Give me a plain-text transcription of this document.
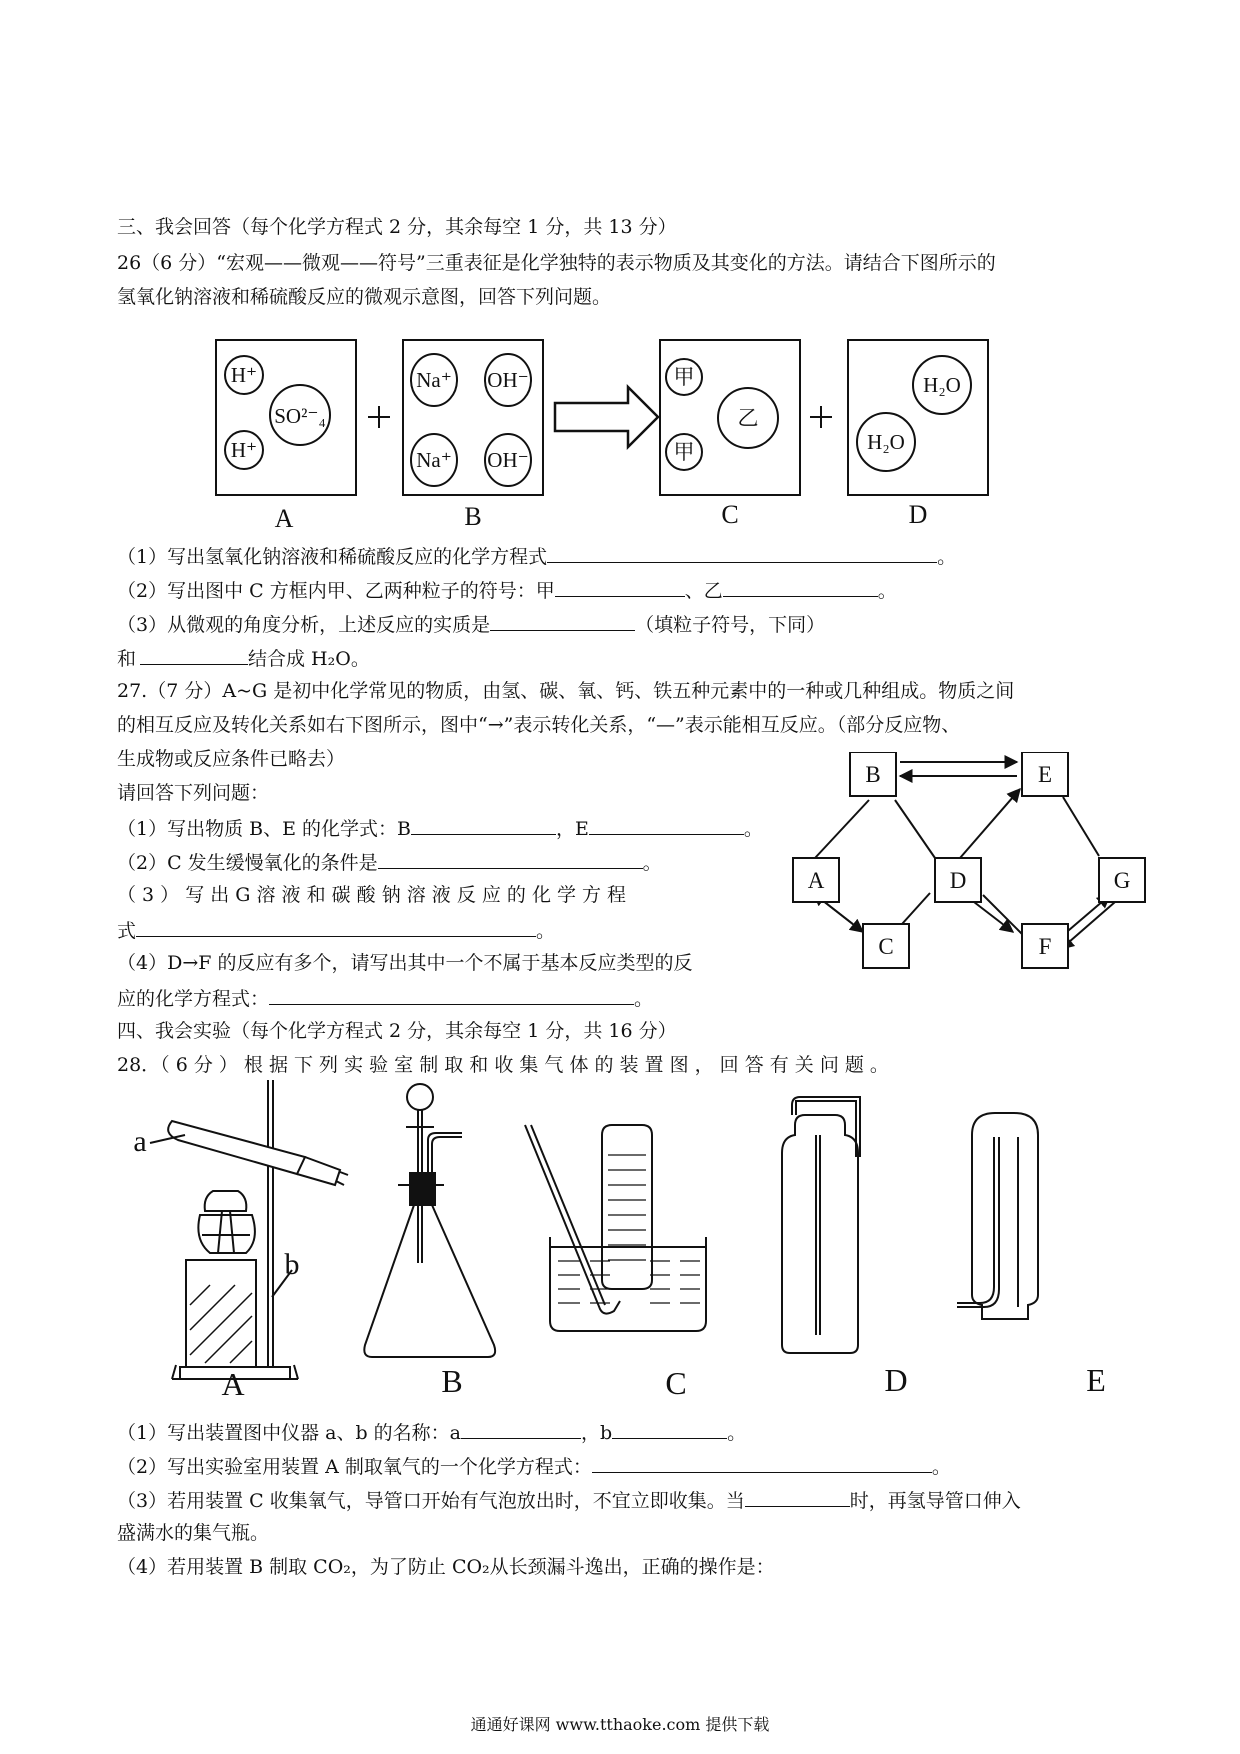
三、我会回答（每个化学方程式 2 分，其余每空 1 分，共 13 分）
26（6 分）“宏观——微观——符号”三重表征是化学独特的表示物质及其变化的方法。请结合下图所示的
氢氧化钠溶液和稀硫酸反应的微观示意图，回答下列问题。
H⁺
SO²⁻₄
H⁺
Na⁺ OH⁻
Na⁺ OH⁻
甲
乙
甲
H₂O
H₂O
A	B	C	D
（1）写出氢氧化钠溶液和稀硫酸反应的化学方程式	。
（2）写出图中 C 方框内甲、乙两种粒子的符号：甲	、乙	。
（3）从微观的角度分析，上述反应的实质是	（填粒子符号，下同）
和	结合成 H₂O。
27.（7 分）A~G 是初中化学常见的物质，由氢、碳、氧、钙、铁五种元素中的一种或几种组成。物质之间
的相互反应及转化关系如右下图所示，图中“→”表示转化关系，“—”表示能相互反应。（部分反应物、
生成物或反应条件已略去）
请回答下列问题：
（1）写出物质 B、E 的化学式：B	，E	。
（2）C 发生缓慢氧化的条件是	。
（ 3 ） 写 出 G 溶 液 和 碳 酸 钠 溶 液 反 应 的 化 学 方 程
式	。
（4）D→F 的反应有多个，请写出其中一个不属于基本反应类型的反
应的化学方程式：	。
B	E
A	D	G
C	F
四、我会实验（每个化学方程式 2 分，其余每空 1 分，共 16 分）
28．（ 6 分 ） 根 据 下 列 实 验 室 制 取 和 收 集 气 体 的 装 置 图 ， 回 答 有 关 问 题 。
a
b
A	B	C	D	E
（1）写出装置图中仪器 a、b 的名称：a	，b	。
（2）写出实验室用装置 A 制取氧气的一个化学方程式：	。
（3）若用装置 C 收集氧气，导管口开始有气泡放出时，不宜立即收集。当	时，再氢导管口伸入
盛满水的集气瓶。
（4）若用装置 B 制取 CO₂，为了防止 CO₂从长颈漏斗逸出，正确的操作是：
通通好课网 www.tthaoke.com 提供下载
